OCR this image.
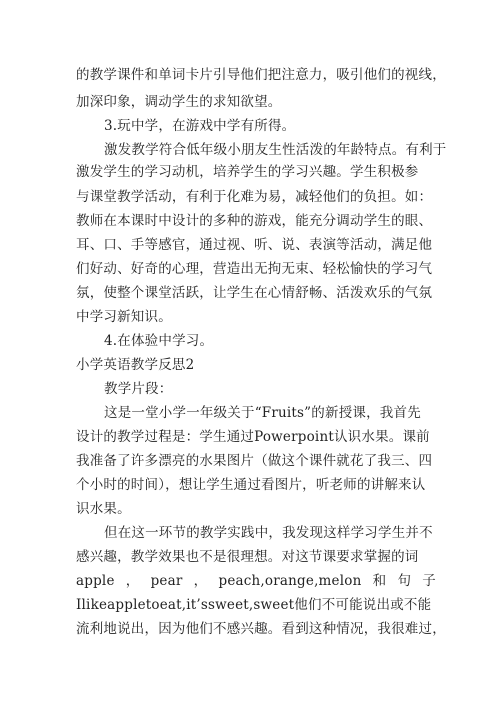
的教学课件和单词卡片引导他们把注意力，吸引他们的视线，
加深印象，调动学生的求知欲望。
3.玩中学，在游戏中学有所得。
激发教学符合低年级小朋友生性活泼的年龄特点。有利于
激发学生的学习动机，培养学生的学习兴趣。学生积极参
与课堂教学活动，有利于化难为易，减轻他们的负担。如：
教师在本课时中设计的多种的游戏，能充分调动学生的眼、
耳、口、手等感官，通过视、听、说、表演等活动，满足他
们好动、好奇的心理，营造出无拘无束、轻松愉快的学习气
氛，使整个课堂活跃，让学生在心情舒畅、活泼欢乐的气氛
中学习新知识。
4.在体验中学习。
小学英语教学反思2
教学片段：
这是一堂小学一年级关于“Fruits”的新授课，我首先
设计的教学过程是：学生通过Powerpoint认识水果。课前
我准备了许多漂亮的水果图片（做这个课件就花了我三、四
个小时的时间），想让学生通过看图片，听老师的讲解来认
识水果。
但在这一环节的教学实践中，我发现这样学习学生并不
感兴趣，教学效果也不是很理想。对这节课要求掌握的词
apple ， pear ， peach,orange,melon 和 句 子
Ilikeappletoeat,it’ssweet,sweet他们不可能说出或不能
流利地说出，因为他们不感兴趣。看到这种情况，我很难过，
